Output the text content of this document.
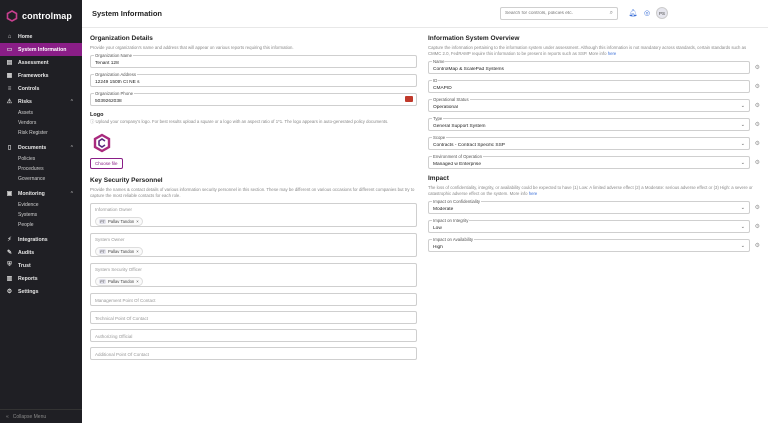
controlmap
⌂	Home
▭ System Information
▤ Assessment
▦ Frameworks
≡	Controls
⚠ Risks	⌃
Assets
Vendors
Risk Register
▯	Documents	⌃
Policies
Procedures
Governance
▣ Monitoring	⌃
Evidence
Systems
People
⚡︎ Integrations
✎ Audits
⛨ Trust
▥ Reports
⚙ Settings
« Collapse Menu
System Information
Search for controls, policies etc.	⌕ 🔔︎ ◎	PS
Organization Details
Provide your organization's name and address that will appear on various reports requiring this information.
Organization Name
Tenant 128
Organization Address
12249 150th Ct NE s
Organization Phone
5039262038
Logo
ⓘ Upload your company's logo. For best results upload a square or a logo with an aspect ratio of 1*1. The logo appears in auto-generated policy documents.
Choose file
Key Security Personnel
Provide the names & contact details of various information security personnel in this section. These may be different on various occasions for different companies but try to capture the most reliable contacts for each role.
Information Owner
PT Pallav Tandon ×
System Owner
PT Pallav Tandon ×
System Security Officer
PT Pallav Tandon ×
Management Point Of Contact
Technical Point Of Contact
Authorizing Official
Additional Point Of Contact
Information System Overview
Capture the information pertaining to the information system under assessment. Although this information is not mandatory across standards, certain standards such as CMMC 2.0, FedRAMP require this information to be present in reports such as SSP. More info here
Name
ControlMap & ScalePad Systems	⚙
ID
CMAPID	⚙
Operational Status
Operational	⌄ ⚙
Type
General Support System	⌄ ⚙
Scope
Contracts - Contract Specific SSP	⌄ ⚙
Environment of Operation
Managed w Enterprise	⌄ ⚙
Impact
The loss of confidentiality, integrity, or availability could be expected to have (1) Low: A limited adverse effect (2) a Moderate: serious adverse effect or (3) High: a severe or catastrophic adverse effect on the system. More info here
Impact on Confidentiality
Moderate	⌄ ⚙
Impact on Integrity
Low	⌄ ⚙
Impact on Availability
High	⌄ ⚙
